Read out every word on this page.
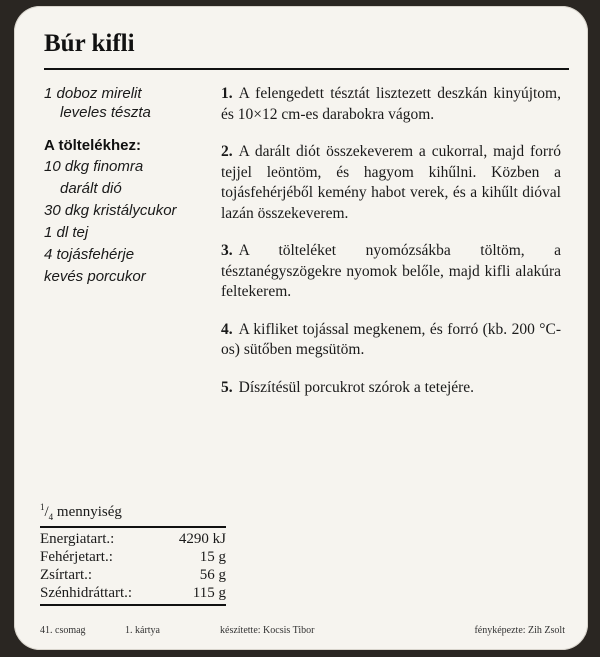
Búr kifli
1 doboz mirelit
leveles tészta
A töltelékhez:
10 dkg finomra
darált dió
30 dkg kristálycukor
1 dl tej
4 tojásfehérje
kevés porcukor

1. A felengedett tésztát lisztezett deszkán kinyújtom, és 10×12 cm-es darabokra vágom.

2. A darált diót összekeverem a cukorral, majd forró tejjel leöntöm, és hagyom kihűlni. Közben a tojásfehérjéből kemény habot verek, és a kihűlt dióval lazán összekeverem.

3. A tölteléket nyomózsákba töltöm, a tésztanégyszögekre nyomok belőle, majd kifli alakúra feltekerem.

4. A kifliket tojással megkenem, és forró (kb. 200 °C-os) sütőben megsütöm.

5. Díszítésül porcukrot szórok a tetejére.

$^1/_4$ mennyiség
Energiatart.:	4290 kJ
Fehérjetart.:	15 g
Zsírtart.:	56 g
Szénhidráttart.:	115 g
41. csomag	1. kártya	készítette: Kocsis Tibor	fényképezte: Zih Zsolt
